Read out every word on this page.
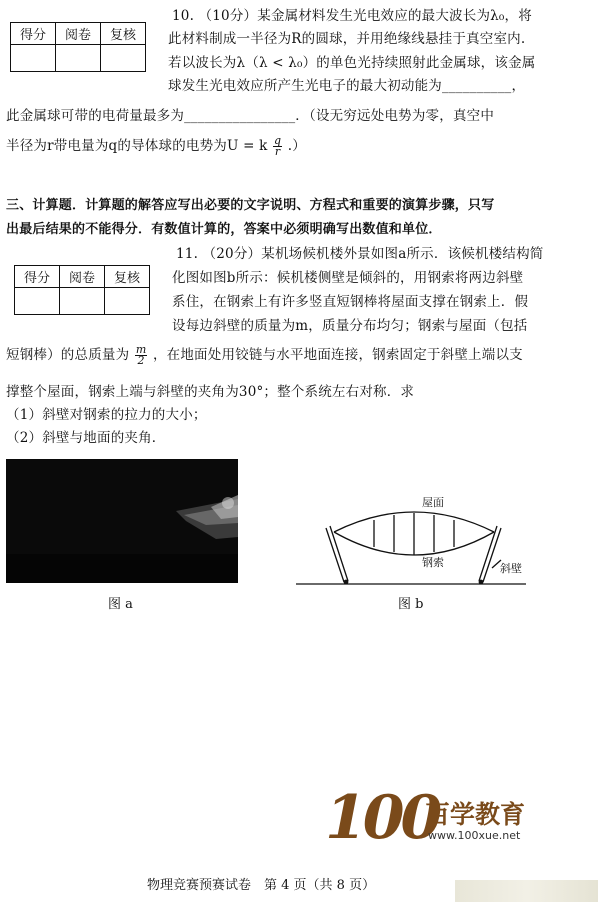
得分	阅卷	复核

10. （10分）某金属材料发生光电效应的最大波长为λ₀，将
此材料制成一半径为R的圆球，并用绝缘线悬挂于真空室内.
若以波长为λ（λ < λ₀）的单色光持续照射此金属球，该金属
球发生光电效应所产生光电子的最大初动能为__________，
此金属球可带的电荷量最多为________________．（设无穷远处电势为零，真空中
半径为r带电量为q的导体球的电势为U = k $\frac{q}{r}$ .）
三、计算题．计算题的解答应写出必要的文字说明、方程式和重要的演算步骤，只写
出最后结果的不能得分．有数值计算的，答案中必须明确写出数值和单位．
得分	阅卷	复核

11. （20分）某机场候机楼外景如图a所示．该候机楼结构简
化图如图b所示：候机楼侧壁是倾斜的，用钢索将两边斜壁
系住，在钢索上有许多竖直短钢棒将屋面支撑在钢索上．假
设每边斜壁的质量为m，质量分布均匀；钢索与屋面（包括
短钢棒）的总质量为 $\frac{m}{2}$ ，在地面处用铰链与水平地面连接，钢索固定于斜壁上端以支
撑整个屋面，钢索上端与斜壁的夹角为30°；整个系统左右对称．求
（1）斜壁对钢索的拉力的大小；
（2）斜壁与地面的夹角．
图 a
屋面
钢索	斜壁
图 b
100
百学教育
www.100xue.net
物理竞赛预赛试卷　第 4 页（共 8 页）
